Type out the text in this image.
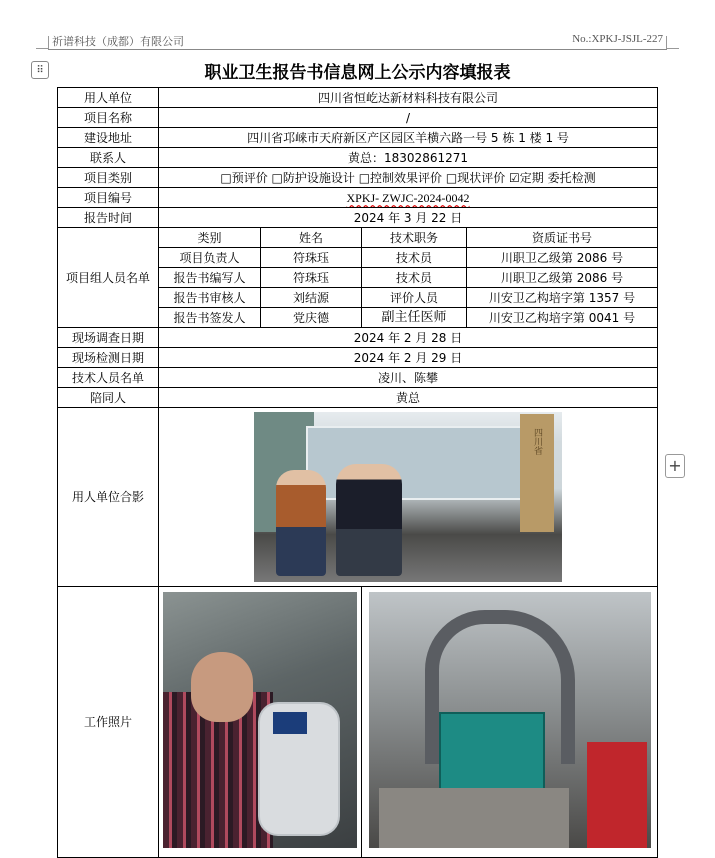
祈谱科技（成都）有限公司	No.:XPKJ-JSJL-227
⠿	职业卫生报告书信息网上公示内容填报表
用人单位	四川省恒屹达新材料科技有限公司			
项目名称	/			
建设地址	四川省邛崃市天府新区产区园区羊横六路一号 5 栋 1 楼 1 号			
联系人	黄总：18302861271			
项目类别	□预评价 □防护设施设计 □控制效果评价 □现状评价 ☑定期 委托检测			
项目编号	XPKJ- ZWJC-2024-0042			
报告时间	2024 年 3 月 22 日			
项目组人员名单	类别	姓名	技术职务	资质证书号
	项目负责人	符珠珏	技术员	川职卫乙级第 2086 号
	报告书编写人	符珠珏	技术员	川职卫乙级第 2086 号
	报告书审核人	刘结源	评价人员	川安卫乙构培字第 1357 号
	报告书签发人	党庆德	副主任医师	川安卫乙构培字第 0041 号
现场调查日期	2024 年 2 月 28 日			
现场检测日期	2024 年 2 月 29 日			
技术人员名单	凌川、陈攀			
陪同人	黄总			
用人单位合影	四川省			

工作照片			

+
